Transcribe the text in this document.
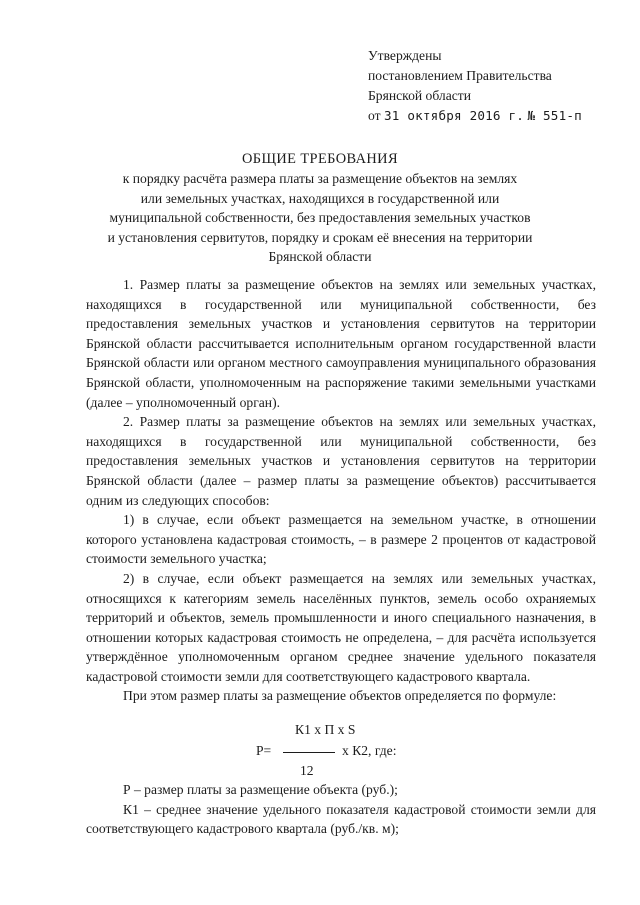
Утверждены
постановлением Правительства
Брянской области
от 31 октября 2016 г. № 551-п
ОБЩИЕ ТРЕБОВАНИЯ
к порядку расчёта размера платы за размещение объектов на землях
или земельных участках, находящихся в государственной или
муниципальной собственности, без предоставления земельных участков
и установления сервитутов, порядку и срокам её внесения на территории
Брянской области

1. Размер платы за размещение объектов на землях или земельных участках, находящихся в государственной или муниципальной собственности, без предоставления земельных участков и установления сервитутов на территории Брянской области рассчитывается исполнительным органом государственной власти Брянской области или органом местного самоуправления муниципального образования Брянской области, уполномоченным на распоряжение такими земельными участками (далее – уполномоченный орган).

2. Размер платы за размещение объектов на землях или земельных участках, находящихся в государственной или муниципальной собственности, без предоставления земельных участков и установления сервитутов на территории Брянской области (далее – размер платы за размещение объектов) рассчитывается одним из следующих способов:

1) в случае, если объект размещается на земельном участке, в отношении которого установлена кадастровая стоимость, – в размере 2 процентов от кадастровой стоимости земельного участка;

2) в случае, если объект размещается на землях или земельных участках, относящихся к категориям земель населённых пунктов, земель особо охраняемых территорий и объектов, земель промышленности и иного специального назначения, в отношении которых кадастровая стоимость не определена, – для расчёта используется утверждённое уполномоченным органом среднее значение удельного показателя кадастровой стоимости земли для соответствующего кадастрового квартала.

При этом размер платы за размещение объектов определяется по формуле:

К1 х П х S
Р=	х К2, где:
12

Р – размер платы за размещение объекта (руб.);

К1 – среднее значение удельного показателя кадастровой стоимости земли для соответствующего кадастрового квартала (руб./кв. м);
